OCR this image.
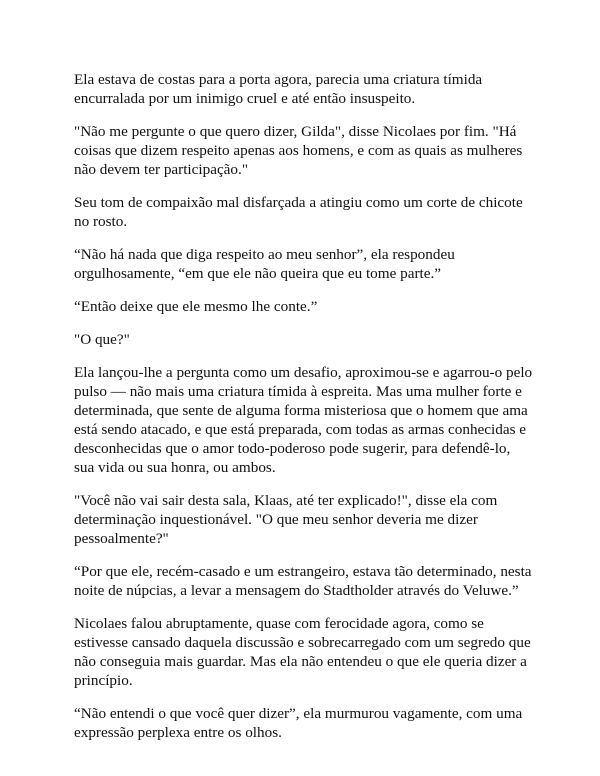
Ela estava de costas para a porta agora, parecia uma criatura tímida encurralada por um inimigo cruel e até então insuspeito.

"Não me pergunte o que quero dizer, Gilda", disse Nicolaes por fim. "Há coisas que dizem respeito apenas aos homens, e com as quais as mulheres não devem ter participação."

Seu tom de compaixão mal disfarçada a atingiu como um corte de chicote no rosto.

“Não há nada que diga respeito ao meu senhor”, ela respondeu orgulhosamente, “em que ele não queira que eu tome parte.”

“Então deixe que ele mesmo lhe conte.”

"O que?"

Ela lançou-lhe a pergunta como um desafio, aproximou-se e agarrou-o pelo pulso — não mais uma criatura tímida à espreita. Mas uma mulher forte e determinada, que sente de alguma forma misteriosa que o homem que ama está sendo atacado, e que está preparada, com todas as armas conhecidas e desconhecidas que o amor todo-poderoso pode sugerir, para defendê-lo, sua vida ou sua honra, ou ambos.

"Você não vai sair desta sala, Klaas, até ter explicado!", disse ela com determinação inquestionável. "O que meu senhor deveria me dizer pessoalmente?"

“Por que ele, recém-casado e um estrangeiro, estava tão determinado, nesta noite de núpcias, a levar a mensagem do Stadtholder através do Veluwe.”

Nicolaes falou abruptamente, quase com ferocidade agora, como se estivesse cansado daquela discussão e sobrecarregado com um segredo que não conseguia mais guardar. Mas ela não entendeu o que ele queria dizer a princípio.

“Não entendi o que você quer dizer”, ela murmurou vagamente, com uma expressão perplexa entre os olhos.
